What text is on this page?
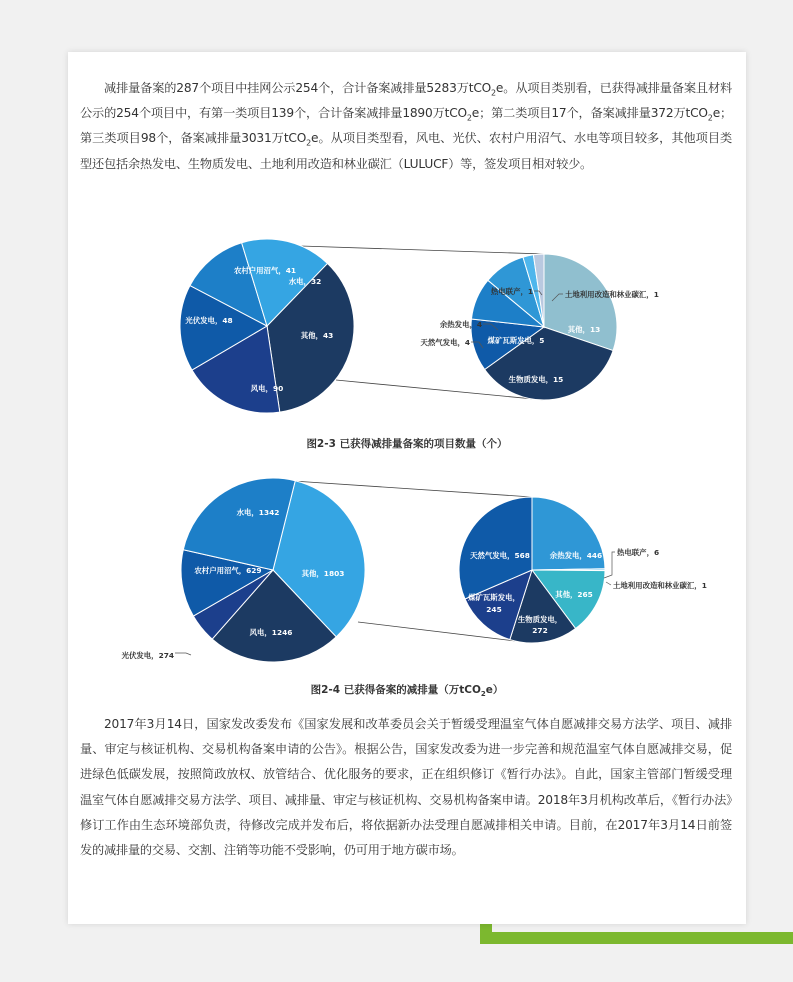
减排量备案的287个项目中挂网公示254个，合计备案减排量5283万tCO$_2$e。从项目类别看，已获得减排量备案且材料公示的254个项目中，有第一类项目139个，合计备案减排量1890万tCO$_2$e；第二类项目17个，备案减排量372万tCO$_2$e；第三类项目98个，备案减排量3031万tCO$_2$e。从项目类型看，风电、光伏、农村户用沼气、水电等项目较多，其他项目类型还包括余热发电、生物质发电、土地利用改造和林业碳汇（LULUCF）等，签发项目相对较少。

风电，90
光伏发电，48
农村户用沼气，41
水电，32
其他，43
其他，13
生物质发电，15
煤矿瓦斯发电，5
天然气发电，4
余热发电，4
热电联产，1	土地利用改造和林业碳汇，1

图2-3 已获得减排量备案的项目数量（个）

其他，1803
风电，1246
光伏发电，274
农村户用沼气，629
水电，1342
余热发电，446 热电联产，6
土地利用改造和林业碳汇，1
其他，265
生物质发电，
272
煤矿瓦斯发电，
245
天然气发电，568

图2-4 已获得备案的减排量（万tCO$_2$e）

2017年3月14日，国家发改委发布《国家发展和改革委员会关于暂缓受理温室气体自愿减排交易方法学、项目、减排量、审定与核证机构、交易机构备案申请的公告》。根据公告，国家发改委为进一步完善和规范温室气体自愿减排交易，促进绿色低碳发展，按照简政放权、放管结合、优化服务的要求，正在组织修订《暂行办法》。自此，国家主管部门暂缓受理温室气体自愿减排交易方法学、项目、减排量、审定与核证机构、交易机构备案申请。2018年3月机构改革后，《暂行办法》修订工作由生态环境部负责，待修改完成并发布后，将依据新办法受理自愿减排相关申请。目前，在2017年3月14日前签发的减排量的交易、交割、注销等功能不受影响，仍可用于地方碳市场。
